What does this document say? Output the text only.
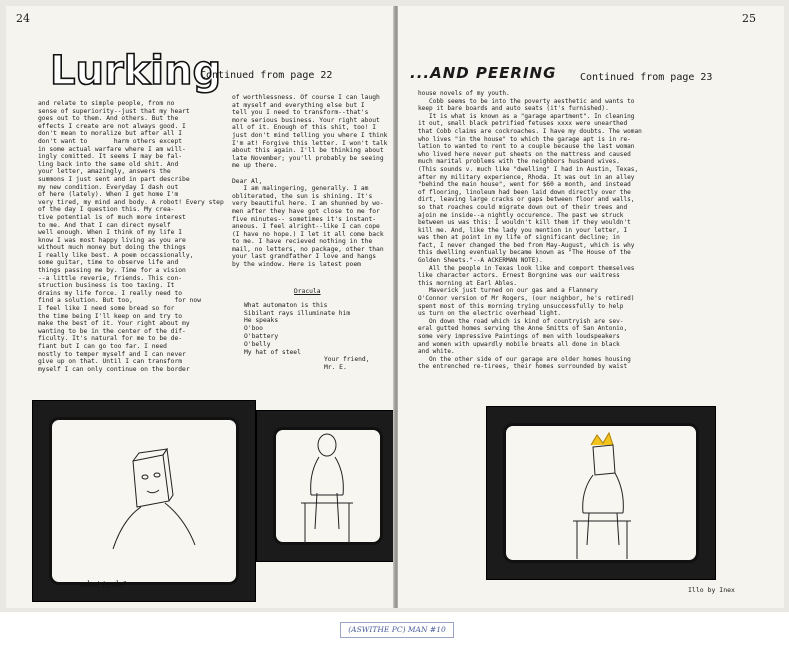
24
Lurking
Continued from page 22
and relate to simple people, from no
sense of superiority--just that my heart
goes out to them. And others. But the
effects I create are not always good. I
don't mean to moralize but after all I
don't want to       harm others except
in some actual warfare where I am will-
ingly comitted. It seems I may be fal-
ling back into the same old shit. And
your letter, amazingly, answers the
summons I just sent and in part describe
my new condition. Everyday I dash out
of here (lately). When I get home I'm
very tired, my mind and body. A robot! Every step
of the day I question this. My crea-
tive potential is of much more interest
to me. And that I can direct myself
well enough. When I think of my life I
know I was most happy living as you are
without much money but doing the things
I really like best. A poem occassionally,
some guitar, time to observe life and
things passing me by. Time for a vision
--a little reverie, friends. This con-
struction business is too taxing. It
drains my life force. I really need to
find a solution. But too,           for now
I feel like I need some bread so for
the time being I'll keep on and try to
make the best of it. Your right about my
wanting to be in the center of the dif-
ficulty. It's natural for me to be de-
fiant but I can go too far. I need
mostly to temper myself and I can never
give up on that. Until I can transform
myself I can only continue on the border
of worthlessness. Of course I can laugh
at myself and everything else but I
tell you I need to transform--that's
more serious business. Your right about
all of it. Enough of this shit, too! I
just don't mind telling you where I think
I'm at! Forgive this letter. I won't talk
about this again. I'll be thinking about
late November; you'll probably be seeing
me up there.

Dear Al,
I am malingering, generally. I am
obliterated, the sun is shining. It's
very beautiful here. I am shunned by wo-
men after they have got close to me for
five minutes-- sometimes it's instant-
aneous. I feel alright--like I can cope
(I have no hope.) I let it all come back
to me. I have recieved nothing in the
mail, no letters, no package, other than
your last grandfather I love and hangs
by the window. Here is latest poem
Dracula
What automaton is this
Sibilant rays illuminate him
He speaks
O'boo
O'battery
O'belly
My hat of steel
Your friend,
Mr. E.
what to do"
25
...AND PEERING Continued from page 23
house novels of my youth.
Cobb seems to be into the poverty aesthetic and wants to
keep it bare boards and auto seats (it's furnished).
It is what is known as a "garage apartment". In cleaning
it out, small black petrified fetuses xxxx were unearthed
that Cobb claims are cockroaches. I have my doubts. The woman
who lives "in the house" to which the garage apt is in re-
lation to wanted to rent to a couple because the last woman
who lived here never put sheets on the mattress and caused
much marital problems with the neighbors husband wives.
(This sounds v. much like "dwelling" I had in Austin, Texas,
after my military experience, Rhoda. It was out in an alley
"behind the main house", went for $60 a month, and instead
of flooring, linoleum had been laid down directly over the
dirt, leaving large cracks or gaps between floor and walls,
so that roaches could migrate down out of their trees and
ajoin me inside--a nightly occurence. The past we struck
between us was this: I wouldn't kill them if they wouldn't
kill me. And, like the lady you mention in your letter, I
was then at point in my life of significant decline; in
fact, I never changed the bed from May-August, which is why
this dwelling eventually became known as "The House of the
Golden Sheets."--A ACKERMAN NOTE).
All the people in Texas look like and comport themselves
like character actors. Ernest Borgnine was our waitress
this morning at Earl Ables.
Maverick just turned on our gas and a Flannery
O'Connor version of Mr Rogers, (our neighbor, he's retired)
spent most of this morning trying unsuccessfully to help
us turn on the electric overhead light.
On down the road which is kind of countryish are sev-
eral gutted homes serving the Anne Smitts of San Antonio,
some very impressive Paintings of men with loudspeakers
and women with upwardly mobile breats all done in black
and white.
On the other side of our garage are older homes housing
the entrenched re-tirees, their homes surrounded by waist
Illo by Inex
(ASWITHE PC) MAN #10
